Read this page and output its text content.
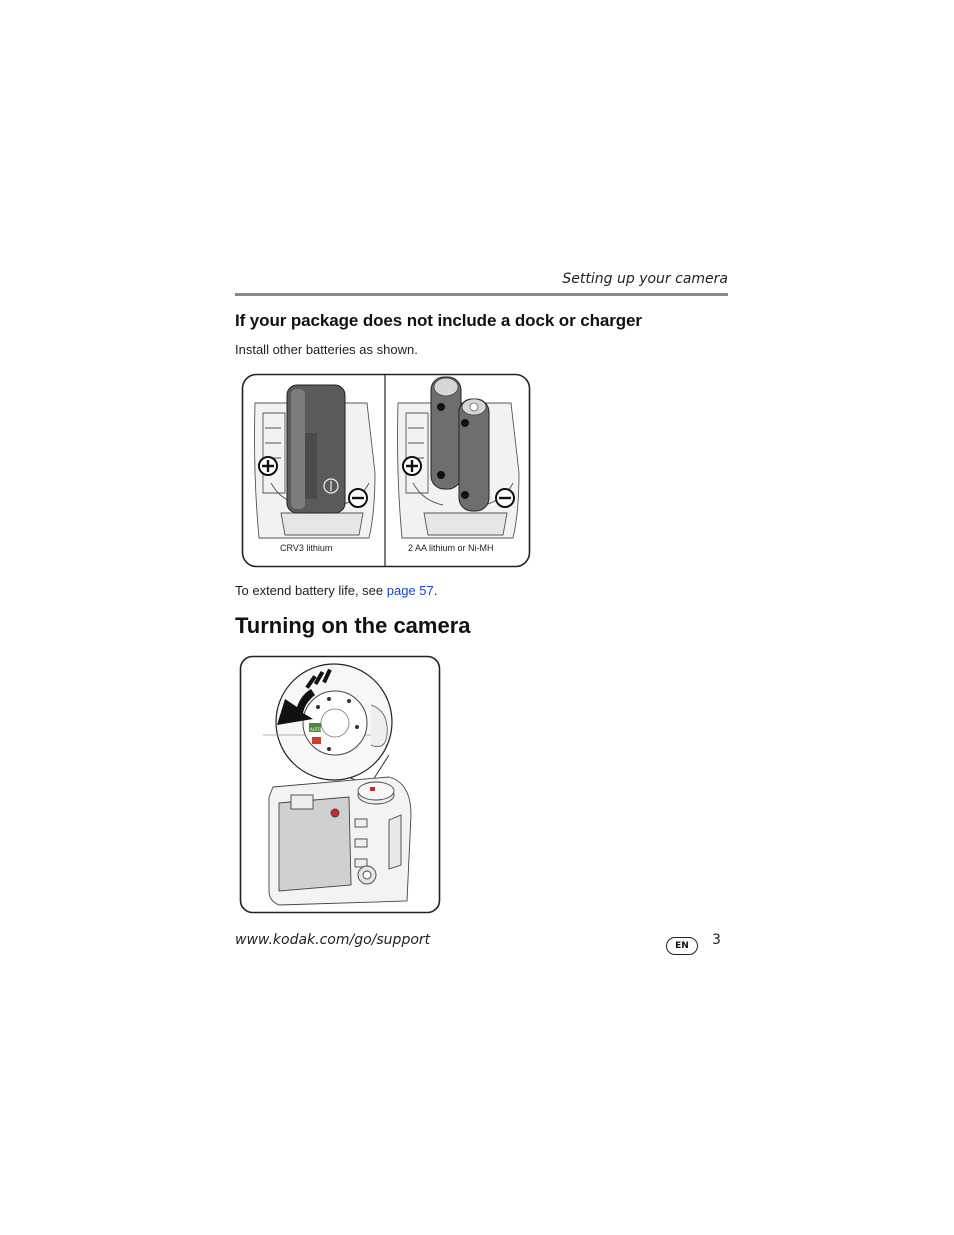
Setting up your camera
If your package does not include a dock or charger
Install other batteries as shown.
CRV3 lithium	2 AA lithium or Ni-MH
To extend battery life, see page 57.
Turning on the camera
AUTO
www.kodak.com/go/support	EN	3
